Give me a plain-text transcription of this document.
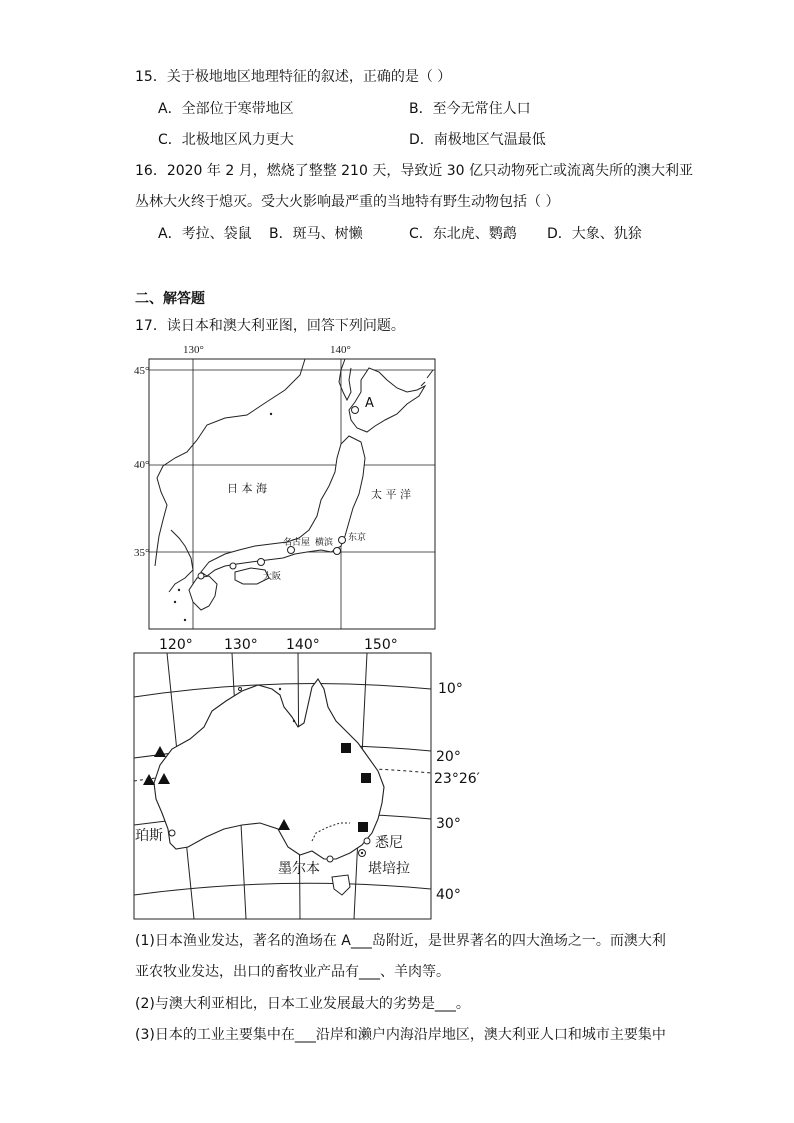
15．关于极地地区地理特征的叙述，正确的是（ ）
A．全部位于寒带地区	B．至今无常住人口
C．北极地区风力更大	D．南极地区气温最低
16．2020 年 2 月，燃烧了整整 210 天，导致近 30 亿只动物死亡或流离失所的澳大利亚
丛林大火终于熄灭。受大火影响最严重的当地特有野生动物包括（ ）
A．考拉、袋鼠 B．斑马、树懒	C．东北虎、鹦鹉 D．大象、犰狳
二、解答题
17．读日本和澳大利亚图，回答下列问题。
130°	140°
45°
40°
35°
A
日 本 海	太 平 洋
东京
名古屋 横滨
大阪
120° 130° 140°	150°
10°
20°
23°26′
30°
40°
珀斯
墨尔本
悉尼
堪培拉
(1)日本渔业发达，著名的渔场在 A___岛附近，是世界著名的四大渔场之一。而澳大利
亚农牧业发达，出口的畜牧业产品有___、羊肉等。
(2)与澳大利亚相比，日本工业发展最大的劣势是___。
(3)日本的工业主要集中在___沿岸和濑户内海沿岸地区，澳大利亚人口和城市主要集中
